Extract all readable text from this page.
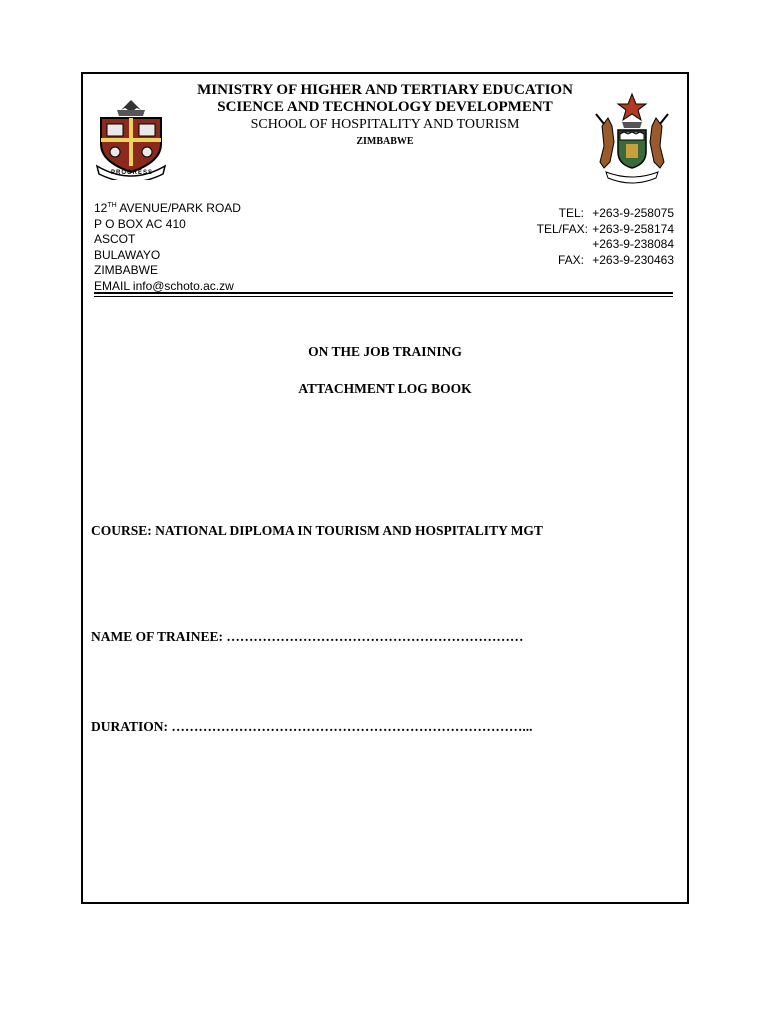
PROGRESS
MINISTRY OF HIGHER AND TERTIARY EDUCATION
SCIENCE AND TECHNOLOGY DEVELOPMENT
SCHOOL OF HOSPITALITY AND TOURISM
ZIMBABWE
12TH AVENUE/PARK ROAD
P O BOX AC 410
ASCOT
BULAWAYO
ZIMBABWE
EMAIL info@schoto.ac.zw
TEL: +263-9-258075
TEL/FAX: +263-9-258174
+263-9-238084
FAX: +263-9-230463
ON THE JOB TRAINING
ATTACHMENT LOG BOOK
COURSE: NATIONAL DIPLOMA IN TOURISM AND HOSPITALITY MGT
NAME OF TRAINEE: …………………………………………………………
DURATION: ……………………………………………………………………...
